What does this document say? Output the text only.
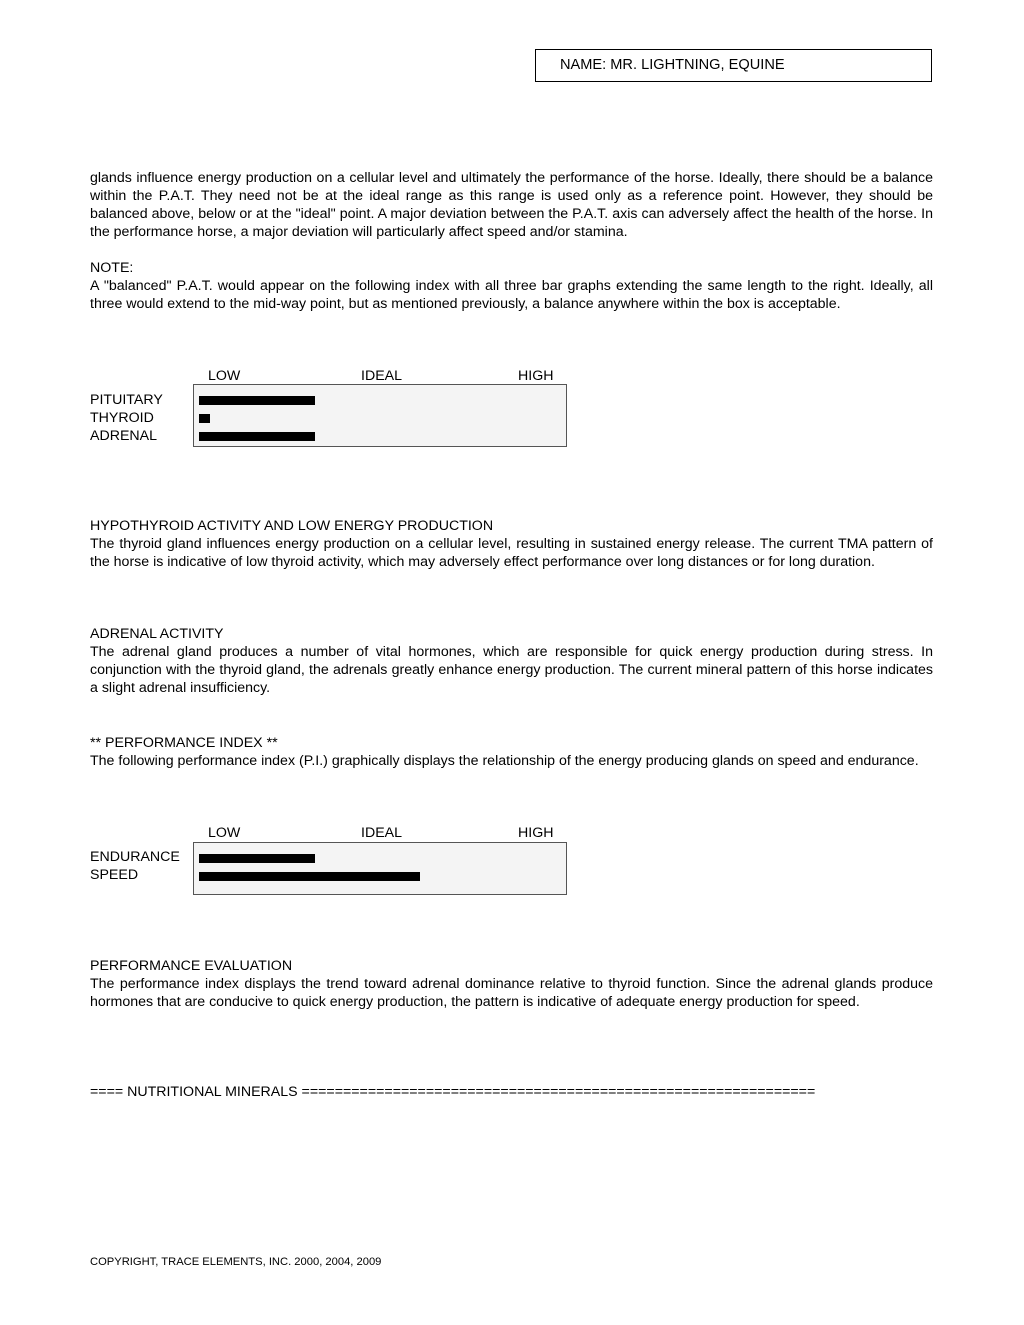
NAME: MR. LIGHTNING, EQUINE

glands influence energy production on a cellular level and ultimately the performance of the horse. Ideally, there should be a balance within the P.A.T. They need not be at the ideal range as this range is used only as a reference point. However, they should be balanced above, below or at the "ideal" point. A major deviation between the P.A.T. axis can adversely affect the health of the horse. In the performance horse, a major deviation will particularly affect speed and/or stamina.

NOTE:

A "balanced" P.A.T. would appear on the following index with all three bar graphs extending the same length to the right. Ideally, all three would extend to the mid-way point, but as mentioned previously, a balance anywhere within the box is acceptable.

LOW	IDEAL	HIGH
PITUITARY
THYROID
ADRENAL

HYPOTHYROID ACTIVITY AND LOW ENERGY PRODUCTION

The thyroid gland influences energy production on a cellular level, resulting in sustained energy release. The current TMA pattern of the horse is indicative of low thyroid activity, which may adversely effect performance over long distances or for long duration.

ADRENAL ACTIVITY

The adrenal gland produces a number of vital hormones, which are responsible for quick energy production during stress. In conjunction with the thyroid gland, the adrenals greatly enhance energy production. The current mineral pattern of this horse indicates a slight adrenal insufficiency.

** PERFORMANCE INDEX **

The following performance index (P.I.) graphically displays the relationship of the energy producing glands on speed and endurance.

LOW	IDEAL	HIGH
ENDURANCE
SPEED

PERFORMANCE EVALUATION

The performance index displays the trend toward adrenal dominance relative to thyroid function. Since the adrenal glands produce hormones that are conducive to quick energy production, the pattern is indicative of adequate energy production for speed.

==== NUTRITIONAL MINERALS ==============================================================
COPYRIGHT, TRACE ELEMENTS, INC. 2000, 2004, 2009
